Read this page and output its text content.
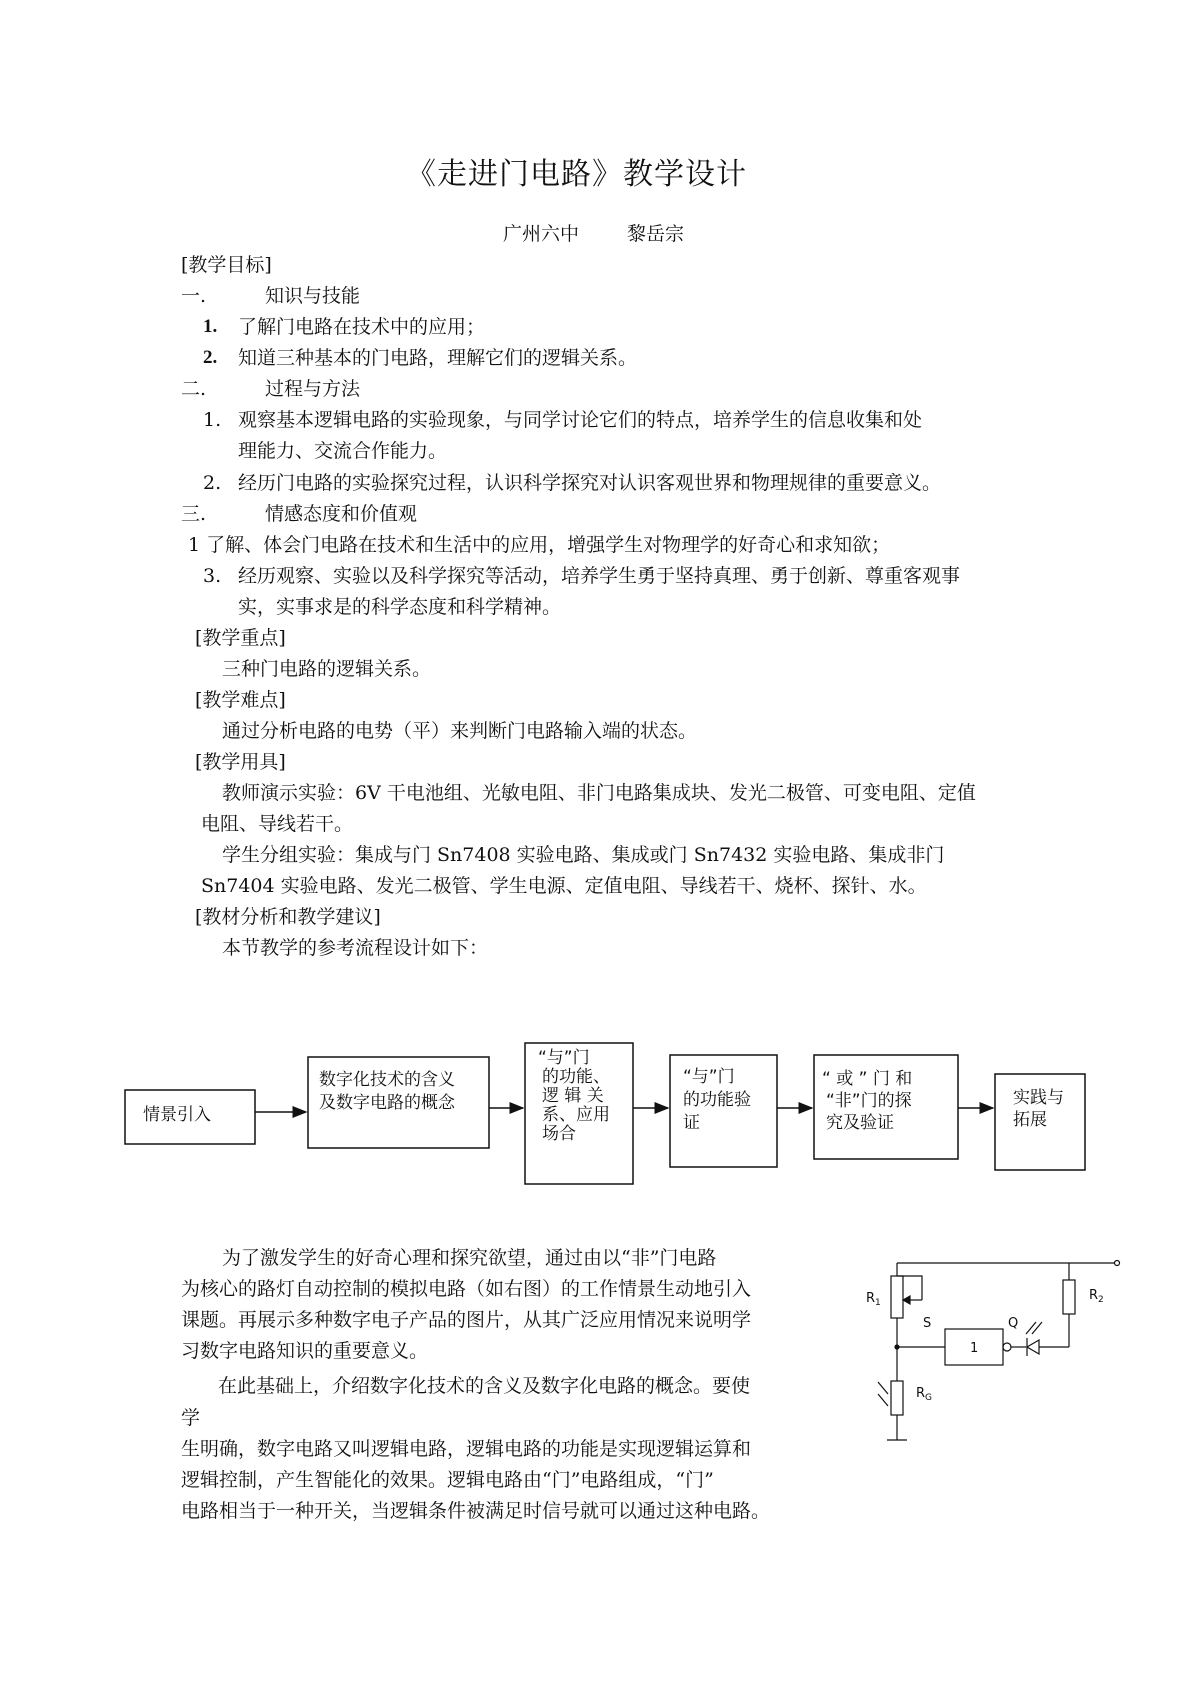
《走进门电路》教学设计
广州六中	黎岳宗
[教学目标]
一.	知识与技能
1. 了解门电路在技术中的应用；
2. 知道三种基本的门电路，理解它们的逻辑关系。
二.	过程与方法
1. 观察基本逻辑电路的实验现象，与同学讨论它们的特点，培养学生的信息收集和处
理能力、交流合作能力。
2. 经历门电路的实验探究过程，认识科学探究对认识客观世界和物理规律的重要意义。
三.	情感态度和价值观
1 了解、体会门电路在技术和生活中的应用，增强学生对物理学的好奇心和求知欲；
3. 经历观察、实验以及科学探究等活动，培养学生勇于坚持真理、勇于创新、尊重客观事
实，实事求是的科学态度和科学精神。
[教学重点]
三种门电路的逻辑关系。
[教学难点]
通过分析电路的电势（平）来判断门电路输入端的状态。
[教学用具]
教师演示实验：6V 干电池组、光敏电阻、非门电路集成块、发光二极管、可变电阻、定值
电阻、导线若干。
学生分组实验：集成与门 Sn7408 实验电路、集成或门 Sn7432 实验电路、集成非门
Sn7404 实验电路、发光二极管、学生电源、定值电阻、导线若干、烧杯、探针、水。
[教材分析和教学建议]
本节教学的参考流程设计如下：
情景引入
数字化技术的含义
及数字电路的概念
“与”门
的功能、
逻 辑 关
系、应用
场合
“与”门
的功能验
证
“ 或 ” 门 和
“非”门的探
究及验证
实践与
拓展
$R_1$	$R_2$
$R_G$
S	Q
1
为了激发学生的好奇心理和探究欲望，通过由以“非”门电路
为核心的路灯自动控制的模拟电路（如右图）的工作情景生动地引入
课题。再展示多种数字电子产品的图片，从其广泛应用情况来说明学
习数字电路知识的重要意义。
在此基础上，介绍数字化技术的含义及数字化电路的概念。要使
学
生明确，数字电路又叫逻辑电路，逻辑电路的功能是实现逻辑运算和
逻辑控制，产生智能化的效果。逻辑电路由“门”电路组成，“门”
电路相当于一种开关，当逻辑条件被满足时信号就可以通过这种电路。
